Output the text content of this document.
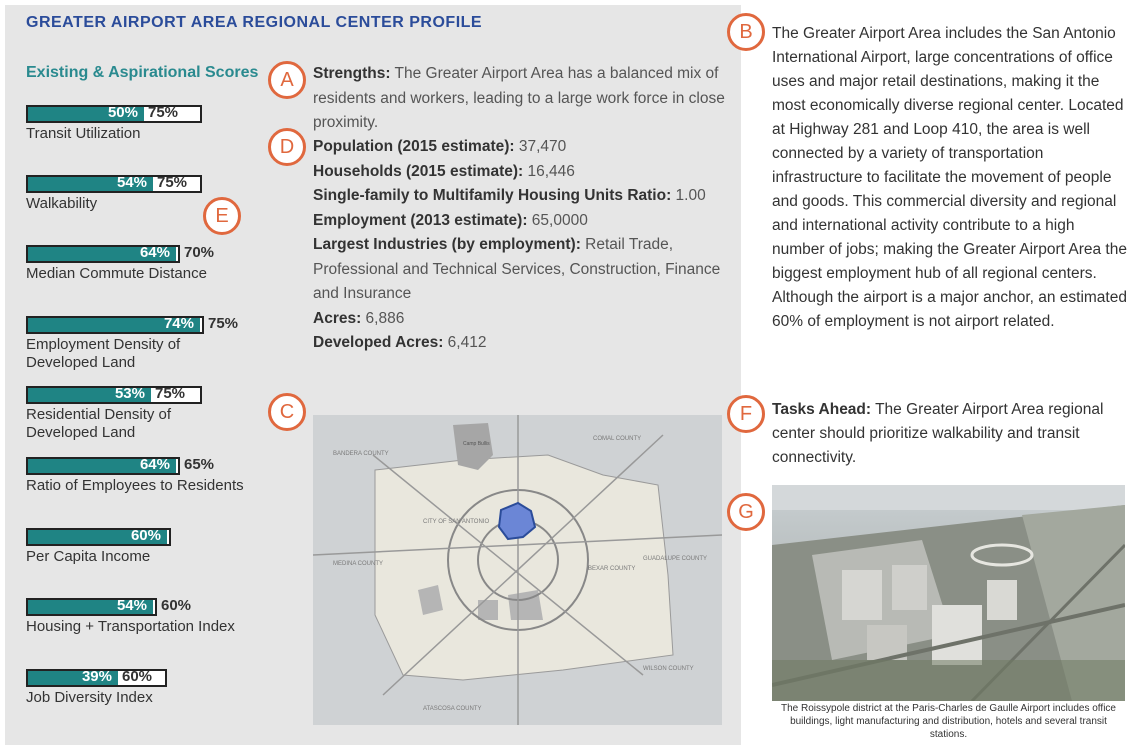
GREATER AIRPORT AREA REGIONAL CENTER PROFILE
Existing & Aspirational Scores
50% 75%
Transit Utilization
54% 75%
Walkability
64% 70%
Median Commute Distance
74% 75%
Employment Density of Developed Land
53% 75%
Residential Density of Developed Land
64% 65%
Ratio of Employees to Residents
60%
Per Capita Income
54% 60%
Housing + Transportation Index
39% 60%
Job Diversity Index
A
D
E
C
B
F
G
Strengths: The Greater Airport Area has a balanced mix of residents and workers, leading to a large work force in close proximity.
Population (2015 estimate): 37,470
Households (2015 estimate): 16,446
Single-family to Multifamily Housing Units Ratio: 1.00
Employment (2013 estimate): 65,0000
Largest Industries (by employment): Retail Trade, Professional and Technical Services, Construction, Finance and Insurance
Acres: 6,886
Developed Acres: 6,412
BANDERA COUNTY
COMAL COUNTY
GUADALUPE COUNTY
MEDINA COUNTY
BEXAR COUNTY
CITY OF SAN ANTONIO
WILSON COUNTY
ATASCOSA COUNTY
Camp Bullis
The Greater Airport Area includes the San Antonio International Airport, large concentrations of office uses and major retail destinations, making it the most economically diverse regional center. Located at Highway 281 and Loop 410, the area is well connected by a variety of transportation infrastructure to facilitate the movement of people and goods. This commercial diversity and regional and international activity contribute to a high number of jobs; making the Greater Airport Area the biggest employment hub of all regional centers. Although the airport is a major anchor, an estimated 60% of employment is not airport related.
Tasks Ahead: The Greater Airport Area regional center should prioritize walkability and transit connectivity.
The Roissypole district at the Paris-Charles de Gaulle Airport includes office buildings, light manufacturing and distribution, hotels and several transit stations.
